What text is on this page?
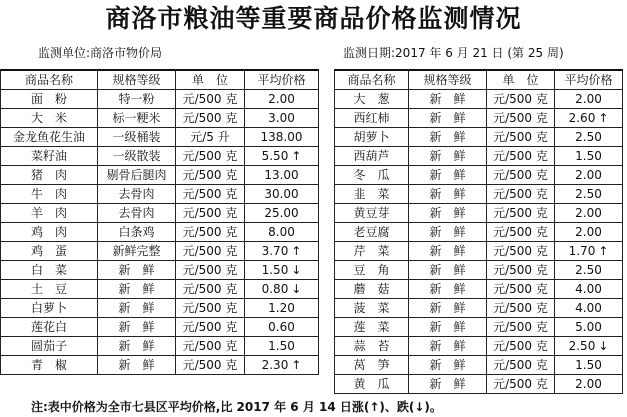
商洛市粮油等重要商品价格监测情况
监测单位:商洛市物价局	监测日期:2017 年 6 月 21 日 (第 25 周)
商品名称	规格等级	单　位	平均价格
面　粉	特一粉	元/500 克	2.00
大　米	标一粳米	元/500 克	3.00
金龙鱼花生油	一级桶装	元/5 升	138.00
菜籽油	一级散装	元/500 克	5.50 ↑
猪　肉	剔骨后腿肉	元/500 克	13.00
牛　肉	去骨肉	元/500 克	30.00
羊　肉	去骨肉	元/500 克	25.00
鸡　肉	白条鸡	元/500 克	8.00
鸡　蛋	新鲜完整	元/500 克	3.70 ↑
白　菜	新　鲜	元/500 克	1.50 ↓
土　豆	新　鲜	元/500 克	0.80 ↓
白萝卜	新　鲜	元/500 克	1.20
莲花白	新　鲜	元/500 克	0.60
圆茄子	新　鲜	元/500 克	1.50
青　椒	新　鲜	元/500 克	2.30 ↑
商品名称	规格等级	单　位	平均价格
大　葱	新　鲜	元/500 克	2.00
西红柿	新　鲜	元/500 克	2.60 ↑
胡萝卜	新　鲜	元/500 克	2.50
西葫芦	新　鲜	元/500 克	1.50
冬　瓜	新　鲜	元/500 克	2.00
韭　菜	新　鲜	元/500 克	2.50
黄豆芽	新　鲜	元/500 克	2.00
老豆腐	新　鲜	元/500 克	2.00
芹　菜	新　鲜	元/500 克	1.70 ↑
豆　角	新　鲜	元/500 克	2.50
蘑　菇	新　鲜	元/500 克	4.00
菠　菜	新　鲜	元/500 克	4.00
莲　菜	新　鲜	元/500 克	5.00
蒜　苔	新　鲜	元/500 克	2.50 ↓
莴　笋	新　鲜	元/500 克	1.50
黄　瓜	新　鲜	元/500 克	2.00
注:表中价格为全市七县区平均价格,比 2017 年 6 月 14 日涨(↑)、跌(↓)。
